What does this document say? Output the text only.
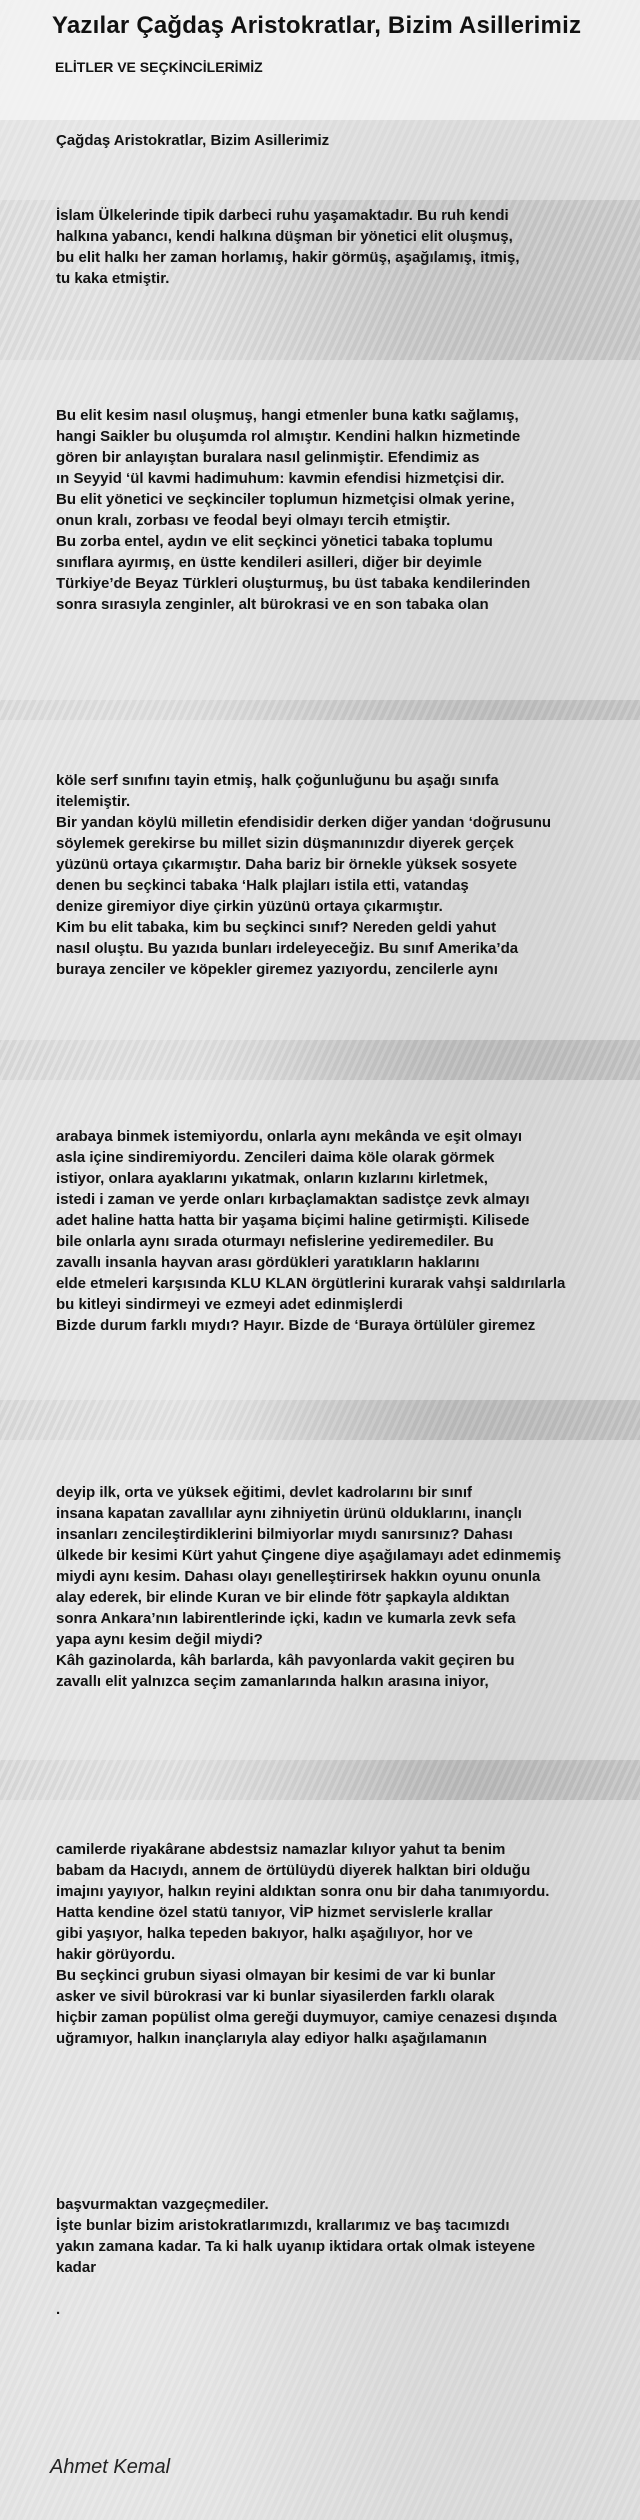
Yazılar Çağdaş Aristokratlar, Bizim Asillerimiz
ELİTLER VE SEÇKİNCİLERİMİZ
Çağdaş Aristokratlar, Bizim Asillerimiz
İslam Ülkelerinde tipik darbeci ruhu yaşamaktadır. Bu ruh kendi
halkına yabancı, kendi halkına düşman bir yönetici elit oluşmuş,
bu elit halkı her zaman horlamış, hakir görmüş, aşağılamış, itmiş,
tu kaka etmiştir.
Bu elit kesim nasıl oluşmuş, hangi etmenler buna katkı sağlamış,
hangi Saikler bu oluşumda rol almıştır. Kendini halkın hizmetinde
gören bir anlayıştan buralara nasıl gelinmiştir. Efendimiz as
ın Seyyid ‘ül kavmi hadimuhum: kavmin efendisi hizmetçisi dir.
Bu elit yönetici ve seçkinciler toplumun hizmetçisi olmak yerine,
onun kralı, zorbası ve feodal beyi olmayı tercih etmiştir.
Bu zorba entel, aydın ve elit seçkinci yönetici tabaka toplumu
sınıflara ayırmış, en üstte kendileri asilleri, diğer bir deyimle
Türkiye’de Beyaz Türkleri oluşturmuş, bu üst tabaka kendilerinden
sonra sırasıyla zenginler, alt bürokrasi ve en son tabaka olan
köle serf sınıfını tayin etmiş, halk çoğunluğunu bu aşağı sınıfa
itelemiştir.
Bir yandan köylü milletin efendisidir derken diğer yandan ‘doğrusunu
söylemek gerekirse bu millet sizin düşmanınızdır diyerek gerçek
yüzünü ortaya çıkarmıştır. Daha bariz bir örnekle yüksek sosyete
denen bu seçkinci tabaka ‘Halk plajları istila etti, vatandaş
denize giremiyor diye çirkin yüzünü ortaya çıkarmıştır.
Kim bu elit tabaka, kim bu seçkinci sınıf? Nereden geldi yahut
nasıl oluştu. Bu yazıda bunları irdeleyeceğiz. Bu sınıf Amerika’da
buraya zenciler ve köpekler giremez yazıyordu, zencilerle aynı
arabaya binmek istemiyordu, onlarla aynı mekânda ve eşit olmayı
asla içine sindiremiyordu. Zencileri daima köle olarak görmek
istiyor, onlara ayaklarını yıkatmak, onların kızlarını kirletmek,
istedi i zaman ve yerde onları kırbaçlamaktan sadistçe zevk almayı
adet haline hatta hatta bir yaşama biçimi haline getirmişti. Kilisede
bile onlarla aynı sırada oturmayı nefislerine yediremediler. Bu
zavallı insanla hayvan arası gördükleri yaratıkların haklarını
elde etmeleri karşısında KLU KLAN örgütlerini kurarak vahşi saldırılarla
bu kitleyi sindirmeyi ve ezmeyi adet edinmişlerdi
Bizde durum farklı mıydı? Hayır. Bizde de ‘Buraya örtülüler giremez
deyip ilk, orta ve yüksek eğitimi, devlet kadrolarını bir sınıf
insana kapatan zavallılar aynı zihniyetin ürünü olduklarını, inançlı
insanları zencileştirdiklerini bilmiyorlar mıydı sanırsınız? Dahası
ülkede bir kesimi Kürt yahut Çingene diye aşağılamayı adet edinmemiş
miydi aynı kesim. Dahası olayı genelleştirirsek hakkın oyunu onunla
alay ederek, bir elinde Kuran ve bir elinde fötr şapkayla aldıktan
sonra Ankara’nın labirentlerinde içki, kadın ve kumarla zevk sefa
yapa aynı kesim değil miydi?
Kâh gazinolarda, kâh barlarda, kâh pavyonlarda vakit geçiren bu
zavallı elit yalnızca seçim zamanlarında halkın arasına iniyor,
camilerde riyakârane abdestsiz namazlar kılıyor yahut ta benim
babam da Hacıydı, annem de örtülüydü diyerek halktan biri olduğu
imajını yayıyor, halkın reyini aldıktan sonra onu bir daha tanımıyordu.
Hatta kendine özel statü tanıyor, VİP hizmet servislerle krallar
gibi yaşıyor, halka tepeden bakıyor, halkı aşağılıyor, hor ve
hakir görüyordu.
Bu seçkinci grubun siyasi olmayan bir kesimi de var ki bunlar
asker ve sivil bürokrasi var ki bunlar siyasilerden farklı olarak
hiçbir zaman popülist olma gereği duymuyor, camiye cenazesi dışında
uğramıyor, halkın inançlarıyla alay ediyor halkı aşağılamanın
başvurmaktan vazgeçmediler.
İşte bunlar bizim aristokratlarımızdı, krallarımız ve baş tacımızdı
yakın zamana kadar. Ta ki halk uyanıp iktidara ortak olmak isteyene
kadar

.
Ahmet Kemal
